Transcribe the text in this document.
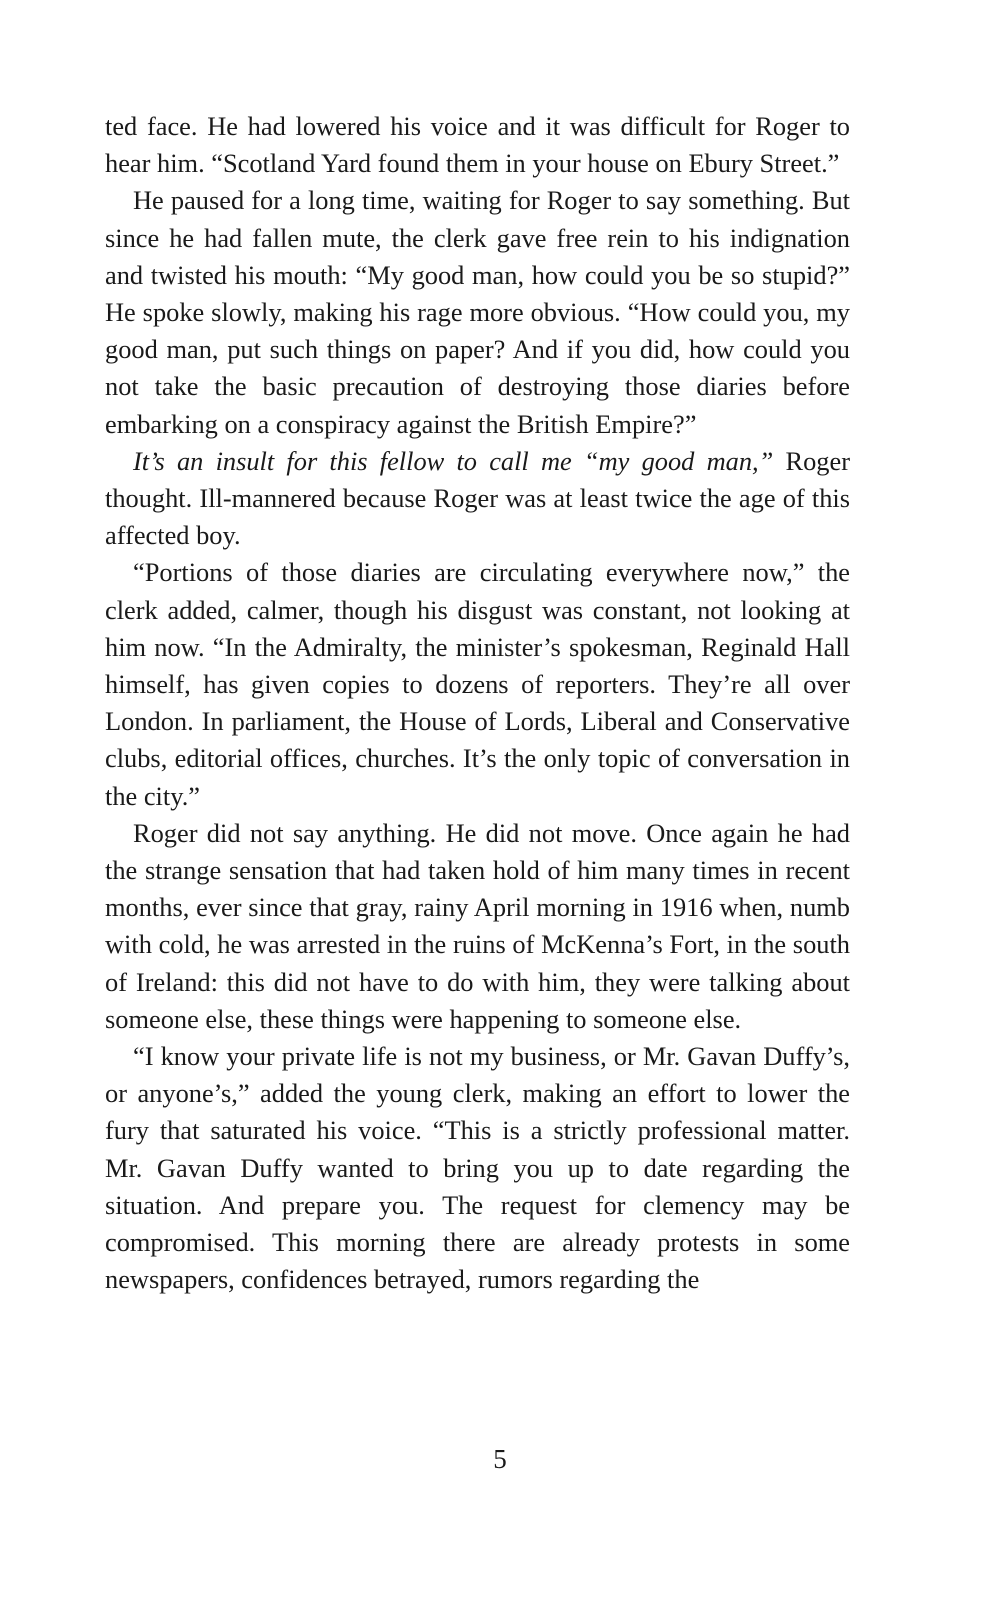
ted face. He had lowered his voice and it was difficult for Roger to hear him. “Scotland Yard found them in your house on Ebury Street.”

He paused for a long time, waiting for Roger to say something. But since he had fallen mute, the clerk gave free rein to his indignation and twisted his mouth: “My good man, how could you be so stupid?” He spoke slowly, making his rage more obvious. “How could you, my good man, put such things on paper? And if you did, how could you not take the basic precaution of destroying those diaries before embarking on a conspiracy against the British Empire?”

It’s an insult for this fellow to call me “my good man,” Roger thought. Ill-mannered because Roger was at least twice the age of this affected boy.

“Portions of those diaries are circulating everywhere now,” the clerk added, calmer, though his disgust was constant, not looking at him now. “In the Admiralty, the minister’s spokesman, Reginald Hall himself, has given copies to dozens of reporters. They’re all over London. In parliament, the House of Lords, Liberal and Conservative clubs, editorial offices, churches. It’s the only topic of conversation in the city.”

Roger did not say anything. He did not move. Once again he had the strange sensation that had taken hold of him many times in recent months, ever since that gray, rainy April morning in 1916 when, numb with cold, he was arrested in the ruins of McKenna’s Fort, in the south of Ireland: this did not have to do with him, they were talking about someone else, these things were happening to someone else.

“I know your private life is not my business, or Mr. Gavan Duffy’s, or anyone’s,” added the young clerk, making an effort to lower the fury that saturated his voice. “This is a strictly professional matter. Mr. Gavan Duffy wanted to bring you up to date regarding the situation. And prepare you. The request for clemency may be compromised. This morning there are already protests in some newspapers, confidences betrayed, rumors regarding the

5
